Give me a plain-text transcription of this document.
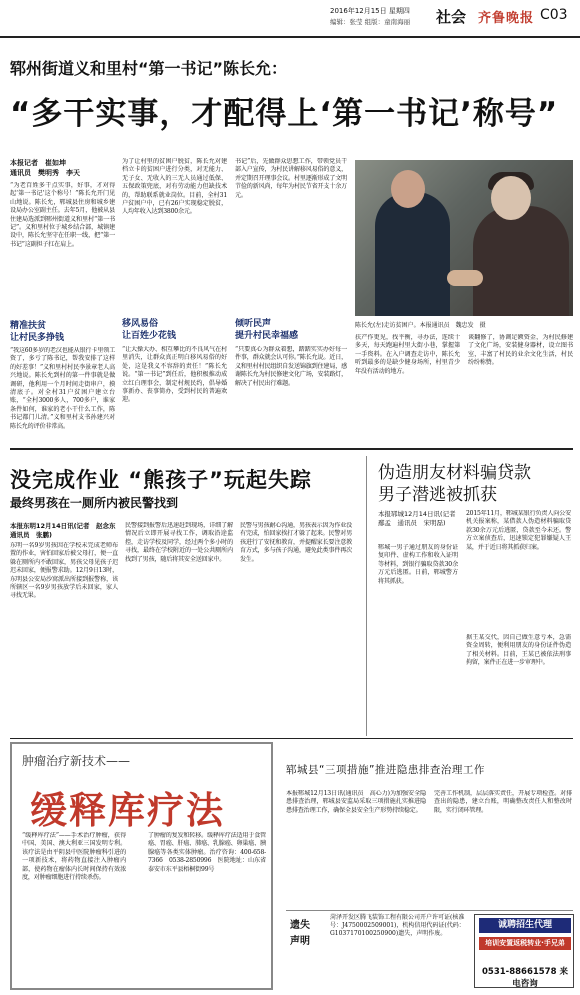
2016年12月15日 星期四
编辑：张莹 组版：童南海丽 社会 齐鲁晚报 C03
郓州街道义和里村“第一书记”陈长允：
“多干实事，才配得上‘第一书记’称号”
本报记者　崔如坤
通讯员　樊明秀　李天
“为老百姓多干点实事，好事，才对得起‘第一书记’这个称号！”陈长允开门见山地说。陈长允，郓城县住房和城乡建设局办公室副主任。去年5月，他被从县住建局选派到郓州街道义和里村“第一书记”。义和里村位于城乡结合部，城镇建设中，陈长允坚守在任职一线，把“第一书记”这副担子扛在肩上。
精准扶贫
让村民多挣钱
“我这60多岁的老汉也能从银行卡里领工资了，多亏了陈书记，帮我安排了这样的好差事！”义和里村村民李景章老人高兴地说。陈长允到村的第一件事就是做调研，他利用一个月时间走街串户，摸清底子。对全村31户贫困户建立台账，“全村3000多人，700多户，谁家条件如何，谁家的老小干什么工作，陈书记都门儿清。”义和里村支书孙建兴对陈长允的评价非常高。
为了让村里的贫困户脱贫，陈长允对建档立卡的贫困户进行分类，对无能力、无子女、无收入的三无人员通过低保、五保政策兜底，对有劳动能力但缺技术的，帮助联系就业岗位。目前，全村31户贫困户中，已有26户实现稳定脱贫，人均年收入达到3800余元。
移风易俗
让百姓少花钱
“让大操大办、相互攀比的不良风气在村里消失，让群众真正明白移风易俗的好处，这是我义不容辞的责任！”陈长允说。“第一书记”到任后，他积极推动成立红白理事会，制定村规民约，倡导婚事新办、丧事简办，受到村民的普遍欢迎。
书记”后，先做群众思想工作，带领党员干部入户宣传，为村民讲解移风易俗的意义，并定期召开理事会议。村里逐渐形成了文明节俭的新风尚，每年为村民节省开支十余万元。
倾听民声
提升村民幸福感
“只要真心为群众着想，踏踏实实办好每一件事，群众就会认可你。”陈长允说。近日，义和里村村民组织自发送锦旗到住建局，感谢陈长允为村民修建文化广场，安装路灯，解决了村民出行难题。
陈长允(左)走访贫困户。本报通讯员　魏忠发　摄
扶产作更见，找平衡，寻办法，连续十多天，每天跑遍村里大街小巷，掌握第一手资料。在入户调查走访中，陈长允听到最多的是缺少健身场所，村里青少年没有活动的地方。
谈翻修了，协调足额资金，为村民修建了文化广场，安装健身器材，设立图书室，丰富了村民的业余文化生活，村民纷纷称赞。
没完成作业 “熊孩子”玩起失踪
最终男孩在一厕所内被民警找到
本报东明12月14日讯(记者　赵念东　通讯员　张鹏)
东明一名9岁男孩因在学校未完成老师布置的作业，害怕回家后被父母打，便一直躲在厕所内不敢回家，男孩父母见孩子迟迟未回家，便报警求助。12月9日13时，东明县公安局沙窝派出所接到报警称，该所辖区一名9岁男孩放学后未回家，家人寻找无果。
民警接到报警后迅速赶到现场，详细了解情况后立即开展寻找工作，调取沿途监控，走访学校及同学，经过两个多小时的寻找，最终在学校附近的一处公共厕所内找到了男孩，随后将其安全送回家中。
民警与男孩耐心沟通，男孩表示因为作业没有完成，怕回家挨打才躲了起来。民警对男孩进行了安抚和教育，并提醒家长要注意教育方式，多与孩子沟通，避免此类事件再次发生。
伪造朋友材料骗贷款
男子潜逃被抓获
本报郓城12月14日讯(记者　鄢孟　通讯员　宋明磊)
郓城一男子通过朋友的身份证复印件、虚构工作和收入证明等材料，到银行骗取贷款30余万元后逃匿。日前，郓城警方将其抓获。
2015年11月，郓城某银行负责人向公安机关报案称，某借款人伪造材料骗取贷款30余万元后逃匿，贷款至今未还。警方立案侦查后，迅速锁定犯罪嫌疑人王某，并于近日将其抓获归案。
据王某交代，因自己做生意亏本，急需资金周转，便利用朋友的身份证件伪造了相关材料。目前，王某已被依法刑事拘留，案件正在进一步审理中。
肿瘤治疗新技术——
缓释库疗法
“缓释库疗法”——手术治疗肿瘤，获得中国、美国、澳大利亚三国发明专利。该疗法是由平阴县中医院肿瘤科引进的一项新技术，将药物直接注入肿瘤内部，使药物在瘤体内长时间保持有效浓度，对肿瘤细胞进行持续杀伤。
了肿瘤的复发和转移。缓释库疗法适用于食管癌、胃癌、肝癌、肺癌、乳腺癌、卵巢癌、胰腺癌等各类实体肿瘤。治疗咨询：400-658-7366　0538-2850996　医院地址：山东省泰安市东平县梧桐街99号
郓城县“三项措施”推进隐患排查治理工作
本报郓城12月13日讯(通讯员　高心力)为加强安全隐患排查治理，郓城县安监局采取三项措施扎实推进隐患排查治理工作，确保全县安全生产形势持续稳定。
完善工作机制，层层落实责任，开展专项检查。对排查出的隐患，建立台账，明确整改责任人和整改时限，实行闭环管理。
遗失
声明
菏泽开发区腾飞装饰工程有限公司开户许可证(核准号：J4750002509001)，机构信用代码证(代码：G1037170100250900)遗失，声明作废。
诚聘招生代理
培训安置返税转业·手兄弟
0531-88661578 来电咨询
